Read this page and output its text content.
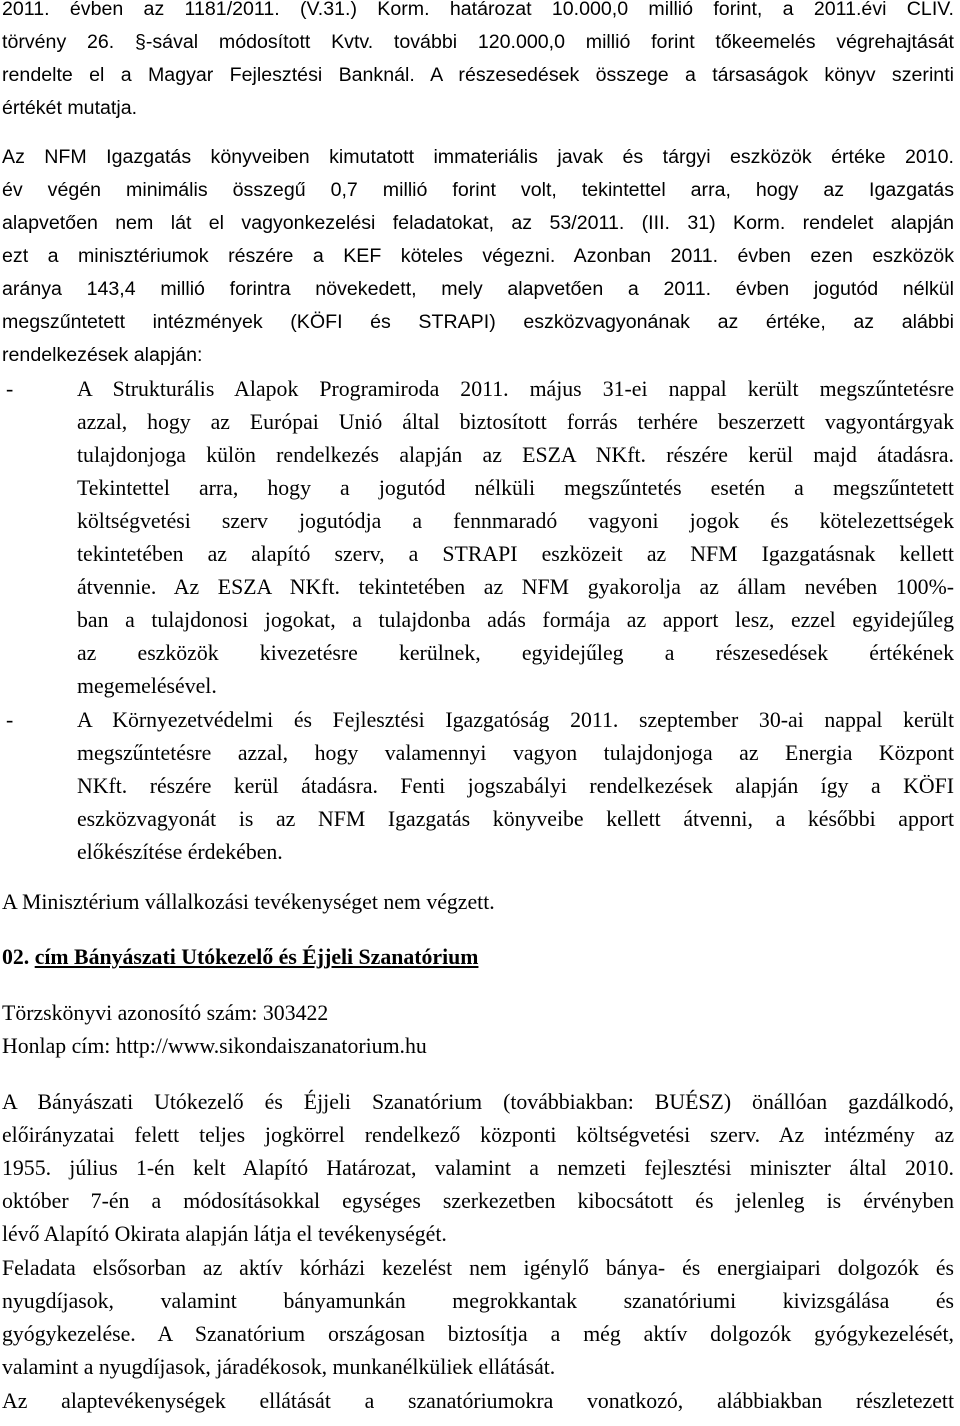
2011. évben az 1181/2011. (V.31.) Korm. határozat 10.000,0 millió forint, a 2011.évi CLIV.
törvény 26. §-sával módosított Kvtv. további 120.000,0 millió forint tőkeemelés végrehajtását
rendelte el a Magyar Fejlesztési Banknál. A részesedések összege a társaságok könyv szerinti
értékét mutatja.
Az NFM Igazgatás könyveiben kimutatott immateriális javak és tárgyi eszközök értéke 2010.
év végén minimális összegű 0,7 millió forint volt, tekintettel arra, hogy az Igazgatás
alapvetően nem lát el vagyonkezelési feladatokat, az 53/2011. (III. 31) Korm. rendelet alapján
ezt a minisztériumok részére a KEF köteles végezni. Azonban 2011. évben ezen eszközök
aránya 143,4 millió forintra növekedett, mely alapvetően a 2011. évben jogutód nélkül
megszűntetett intézmények (KÖFI és STRAPI) eszközvagyonának az értéke, az alábbi
rendelkezések alapján:
-	A Strukturális Alapok Programiroda 2011. május 31-ei nappal került megszűntetésre
azzal, hogy az Európai Unió által biztosított forrás terhére beszerzett vagyontárgyak
tulajdonjoga külön rendelkezés alapján az ESZA NKft. részére kerül majd átadásra.
Tekintettel arra, hogy a jogutód nélküli megszűntetés esetén a megszűntetett
költségvetési szerv jogutódja a fennmaradó vagyoni jogok és kötelezettségek
tekintetében az alapító szerv, a STRAPI eszközeit az NFM Igazgatásnak kellett
átvennie. Az ESZA NKft. tekintetében az NFM gyakorolja az állam nevében 100%-
ban a tulajdonosi jogokat, a tulajdonba adás formája az apport lesz, ezzel egyidejűleg
az eszközök kivezetésre kerülnek, egyidejűleg a részesedések értékének
megemelésével.
-	A Környezetvédelmi és Fejlesztési Igazgatóság 2011. szeptember 30-ai nappal került
megszűntetésre azzal, hogy valamennyi vagyon tulajdonjoga az Energia Központ
NKft. részére kerül átadásra. Fenti jogszabályi rendelkezések alapján így a KÖFI
eszközvagyonát is az NFM Igazgatás könyveibe kellett átvenni, a későbbi apport
előkészítése érdekében.
A Minisztérium vállalkozási tevékenységet nem végzett.
02. cím Bányászati Utókezelő és Éjjeli Szanatórium
Törzskönyvi azonosító szám: 303422
Honlap cím: http://www.sikondaiszanatorium.hu
A Bányászati Utókezelő és Éjjeli Szanatórium (továbbiakban: BUÉSZ) önállóan gazdálkodó,
előirányzatai felett teljes jogkörrel rendelkező központi költségvetési szerv. Az intézmény az
1955. július 1-én kelt Alapító Határozat, valamint a nemzeti fejlesztési miniszter által 2010.
október 7-én a módosításokkal egységes szerkezetben kibocsátott és jelenleg is érvényben
lévő Alapító Okirata alapján látja el tevékenységét.
Feladata elsősorban az aktív kórházi kezelést nem igénylő bánya- és energiaipari dolgozók és
nyugdíjasok, valamint bányamunkán megrokkantak szanatóriumi kivizsgálása és
gyógykezelése. A Szanatórium országosan biztosítja a még aktív dolgozók gyógykezelését,
valamint a nyugdíjasok, járadékosok, munkanélküliek ellátását.
Az alaptevékenységek ellátását a szanatóriumokra vonatkozó, alábbiakban részletezett
